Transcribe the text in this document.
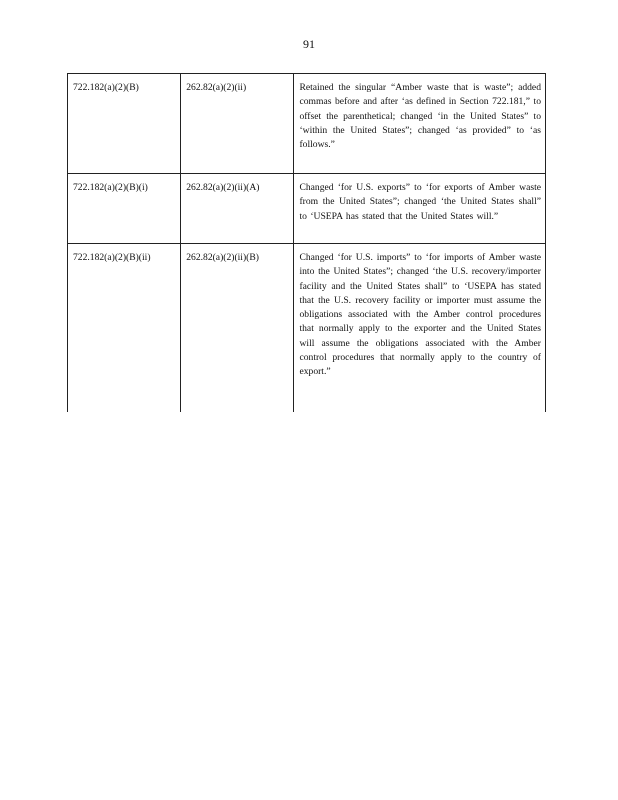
91
722.182(a)(2)(B)	262.82(a)(2)(ii)	Retained the singular “Amber waste that is waste”; added commas before and after ‘as defined in Section 722.181,” to offset the parenthetical; changed ‘in the United States” to ‘within the United States”; changed ‘as provided” to ‘as follows.”
722.182(a)(2)(B)(i)	262.82(a)(2)(ii)(A)	Changed ‘for U.S. exports” to ‘for exports of Amber waste from the United States”; changed ‘the United States shall” to ‘USEPA has stated that the United States will.”
722.182(a)(2)(B)(ii)	262.82(a)(2)(ii)(B)	Changed ‘for U.S. imports” to ‘for imports of Amber waste into the United States”; changed ‘the U.S. recovery/importer facility and the United States shall” to ‘USEPA has stated that the U.S. recovery facility or importer must assume the obligations associated with the Amber control procedures that normally apply to the exporter and the United States will assume the obligations associated with the Amber control procedures that normally apply to the country of export.”
